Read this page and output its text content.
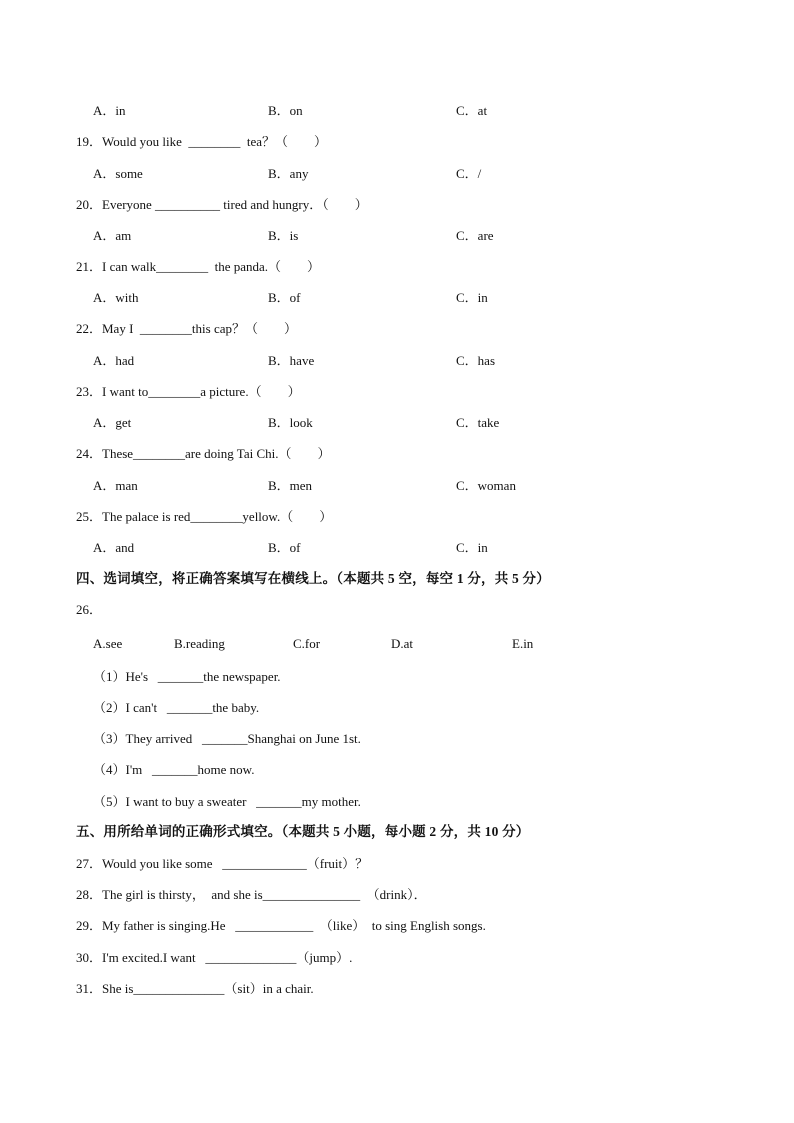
A．in	B．on	C．at
19．Would you like  ________  tea？（　　）
A．some	B．any	C．/
20．Everyone __________ tired and hungry．（　　）
A．am	B．is	C．are
21．I can walk________  the panda.（　　）
A．with	B．of	C．in
22．May I  ________this cap？（　　）
A．had	B．have	C．has
23．I want to________a picture.（　　）
A．get	B．look	C．take
24．These________are doing Tai Chi.（　　）
A．man	B．men	C．woman
25．The palace is red________yellow.（　　）
A．and	B．of	C．in
四、选词填空，将正确答案填写在横线上。（本题共 5 空，每空 1 分，共 5 分）
26．
A.see	B.reading	C.for	D.at	E.in
（1）He's   _______the newspaper.
（2）I can't   _______the baby.
（3）They arrived   _______Shanghai on June 1st.
（4）I'm   _______home now.
（5）I want to buy a sweater   _______my mother.
五、用所给单词的正确形式填空。（本题共 5 小题，每小题 2 分，共 10 分）
27．Would you like some   _____________（fruit）？
28．The girl is thirsty，  and she is_______________  （drink）．
29．My father is singing.He   ____________  （like）  to sing English songs.
30．I'm excited.I want   ______________（jump）.
31．She is______________（sit）in a chair.
